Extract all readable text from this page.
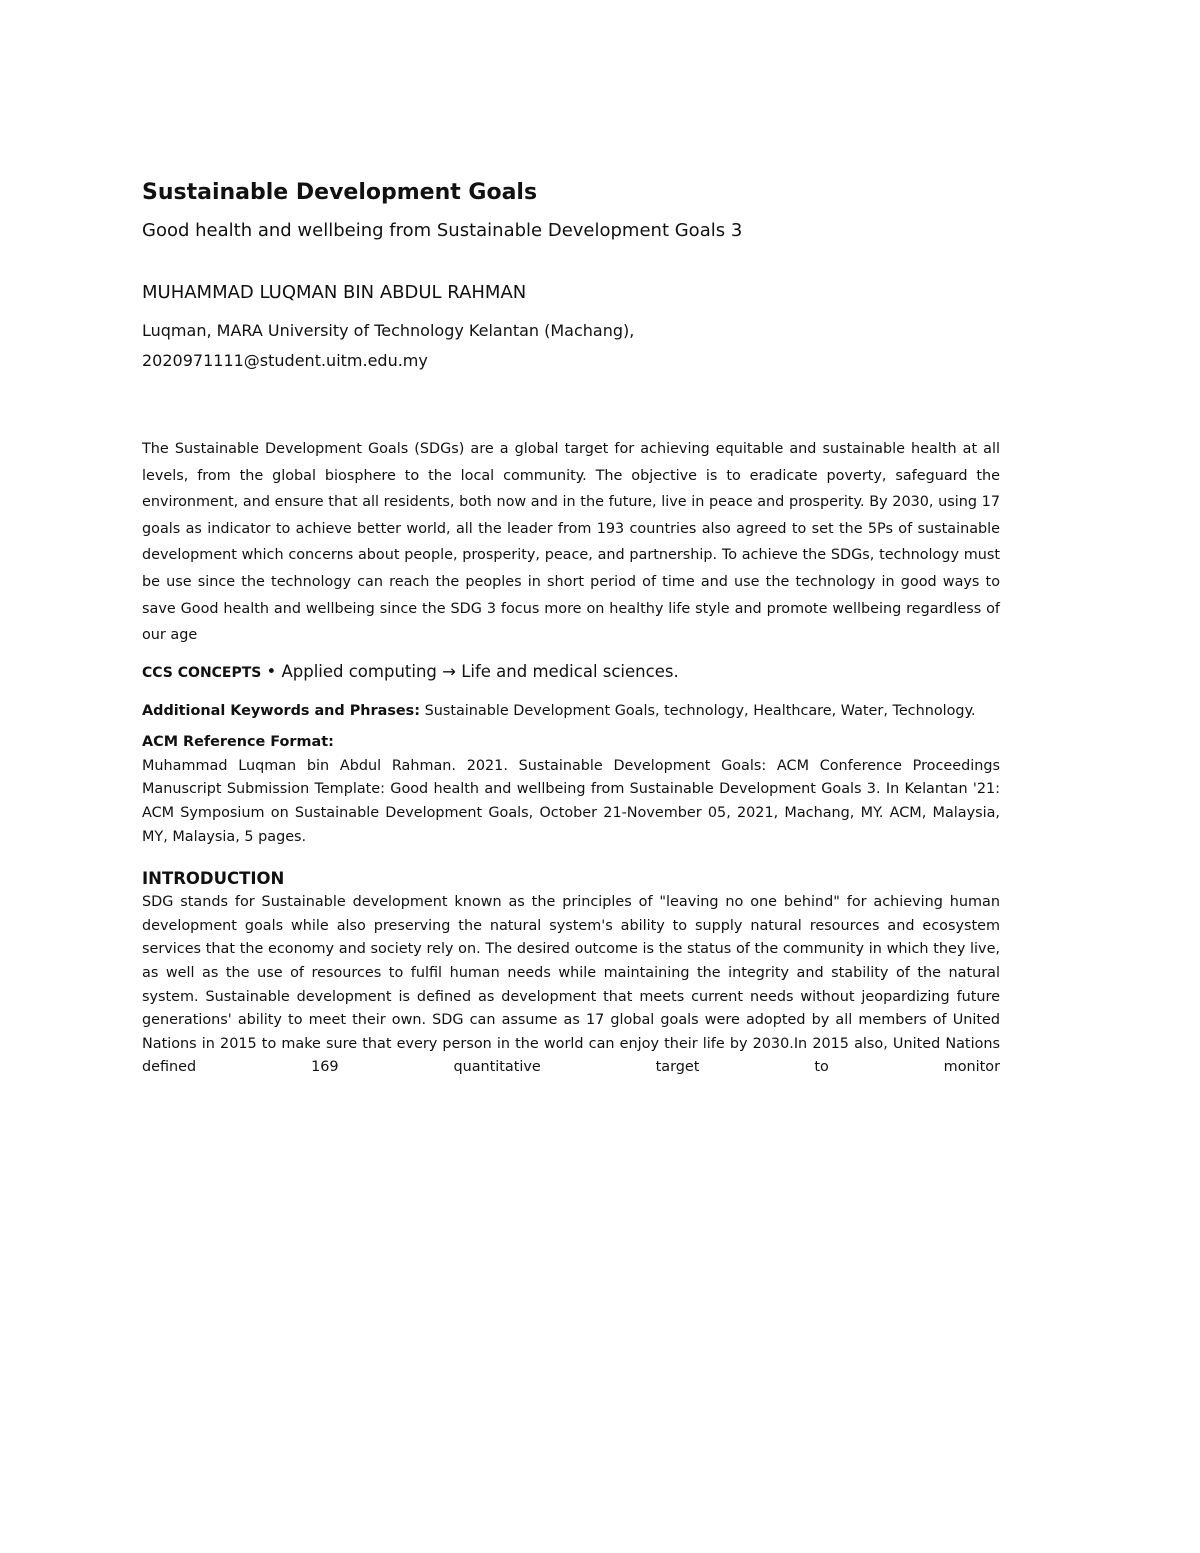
Sustainable Development Goals

Good health and wellbeing from Sustainable Development Goals 3

MUHAMMAD LUQMAN BIN ABDUL RAHMAN

Luqman, MARA University of Technology Kelantan (Machang),
2020971111@student.uitm.edu.my

The Sustainable Development Goals (SDGs) are a global target for achieving equitable and sustainable health at all levels, from the global biosphere to the local community. The objective is to eradicate poverty, safeguard the environment, and ensure that all residents, both now and in the future, live in peace and prosperity. By 2030, using 17 goals as indicator to achieve better world, all the leader from 193 countries also agreed to set the 5Ps of sustainable development which concerns about people, prosperity, peace, and partnership. To achieve the SDGs, technology must be use since the technology can reach the peoples in short period of time and use the technology in good ways to save Good health and wellbeing since the SDG 3 focus more on healthy life style and promote wellbeing regardless of our age

CCS CONCEPTS • Applied computing → Life and medical sciences.

Additional Keywords and Phrases: Sustainable Development Goals, technology, Healthcare, Water, Technology.

ACM Reference Format:

Muhammad Luqman bin Abdul Rahman. 2021. Sustainable Development Goals: ACM Conference Proceedings Manuscript Submission Template: Good health and wellbeing from Sustainable Development Goals 3. In Kelantan '21: ACM Symposium on Sustainable Development Goals, October 21-November 05, 2021, Machang, MY. ACM, Malaysia, MY, Malaysia, 5 pages.

INTRODUCTION

SDG stands for Sustainable development known as the principles of "leaving no one behind" for achieving human development goals while also preserving the natural system's ability to supply natural resources and ecosystem services that the economy and society rely on. The desired outcome is the status of the community in which they live, as well as the use of resources to fulfil human needs while maintaining the integrity and stability of the natural system. Sustainable development is defined as development that meets current needs without jeopardizing future generations' ability to meet their own. SDG can assume as 17 global goals were adopted by all members of United Nations in 2015 to make sure that every person in the world can enjoy their life by 2030.In 2015 also, United Nations defined 169 quantitative target to monitor
